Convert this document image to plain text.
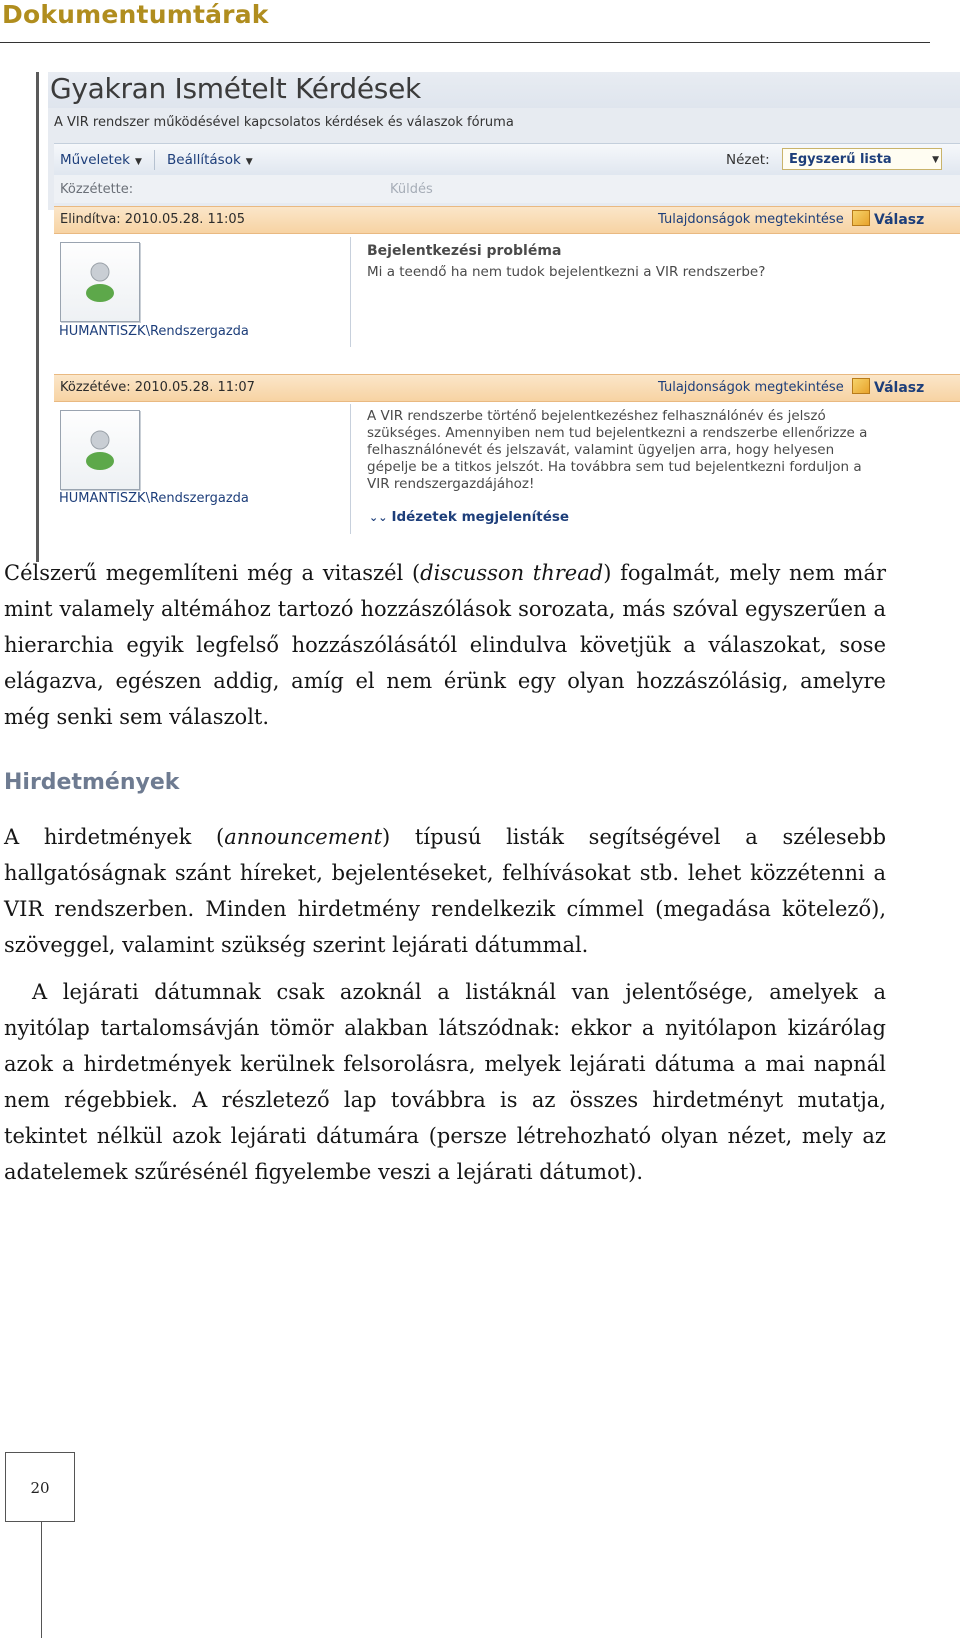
Dokumentumtárak
Gyakran Ismételt Kérdések
A VIR rendszer működésével kapcsolatos kérdések és válaszok fóruma
Műveletek ▼ Beállítások ▼	Nézet:	Egyszerű lista	▼
Közzétette:	Küldés
Elindítva: 2010.05.28. 11:05	Tulajdonságok megtekintése	Válasz
HUMANTISZK\Rendszergazda
Bejelentkezési probléma
Mi a teendő ha nem tudok bejelentkezni a VIR rendszerbe?
Közzétéve: 2010.05.28. 11:07	Tulajdonságok megtekintése	Válasz
HUMANTISZK\Rendszergazda
A VIR rendszerbe történő bejelentkezéshez felhasználónév és jelszó
szükséges. Amennyiben nem tud bejelentkezni a rendszerbe ellenőrizze a
felhasználónevét és jelszavát, valamint ügyeljen arra, hogy helyesen
gépelje be a titkos jelszót. Ha továbbra sem tud bejelentkezni forduljon a
VIR rendszergazdájához!
⌄⌄ Idézetek megjelenítése

Célszerű megemlíteni még a vitaszél (discusson thread) fogalmát, mely nem már mint valamely altémához tartozó hozzászólások sorozata, más szóval egyszerűen a hierarchia egyik legfelső hozzászólásától elindulva követjük a válaszokat, sose elágazva, egészen addig, amíg el nem érünk egy olyan hozzászólásig, amelyre még senki sem válaszolt.

Hirdetmények

A hirdetmények (announcement) típusú listák segítségével a szélesebb hallgatóságnak szánt híreket, bejelentéseket, felhívásokat stb. lehet közzétenni a VIR rendszerben. Minden hirdetmény rendelkezik címmel (megadása kötelező), szöveggel, valamint szükség szerint lejárati dátummal.

A lejárati dátumnak csak azoknál a listáknál van jelentősége, amelyek a nyitólap tartalomsávján tömör alakban látszódnak: ekkor a nyitólapon kizárólag azok a hirdetmények kerülnek felsorolásra, melyek lejárati dátuma a mai napnál nem régebbiek. A részletező lap továbbra is az összes hirdetményt mutatja, tekintet nélkül azok lejárati dátumára (persze létrehozható olyan nézet, mely az adatelemek szűrésénél figyelembe veszi a lejárati dátumot).

20
